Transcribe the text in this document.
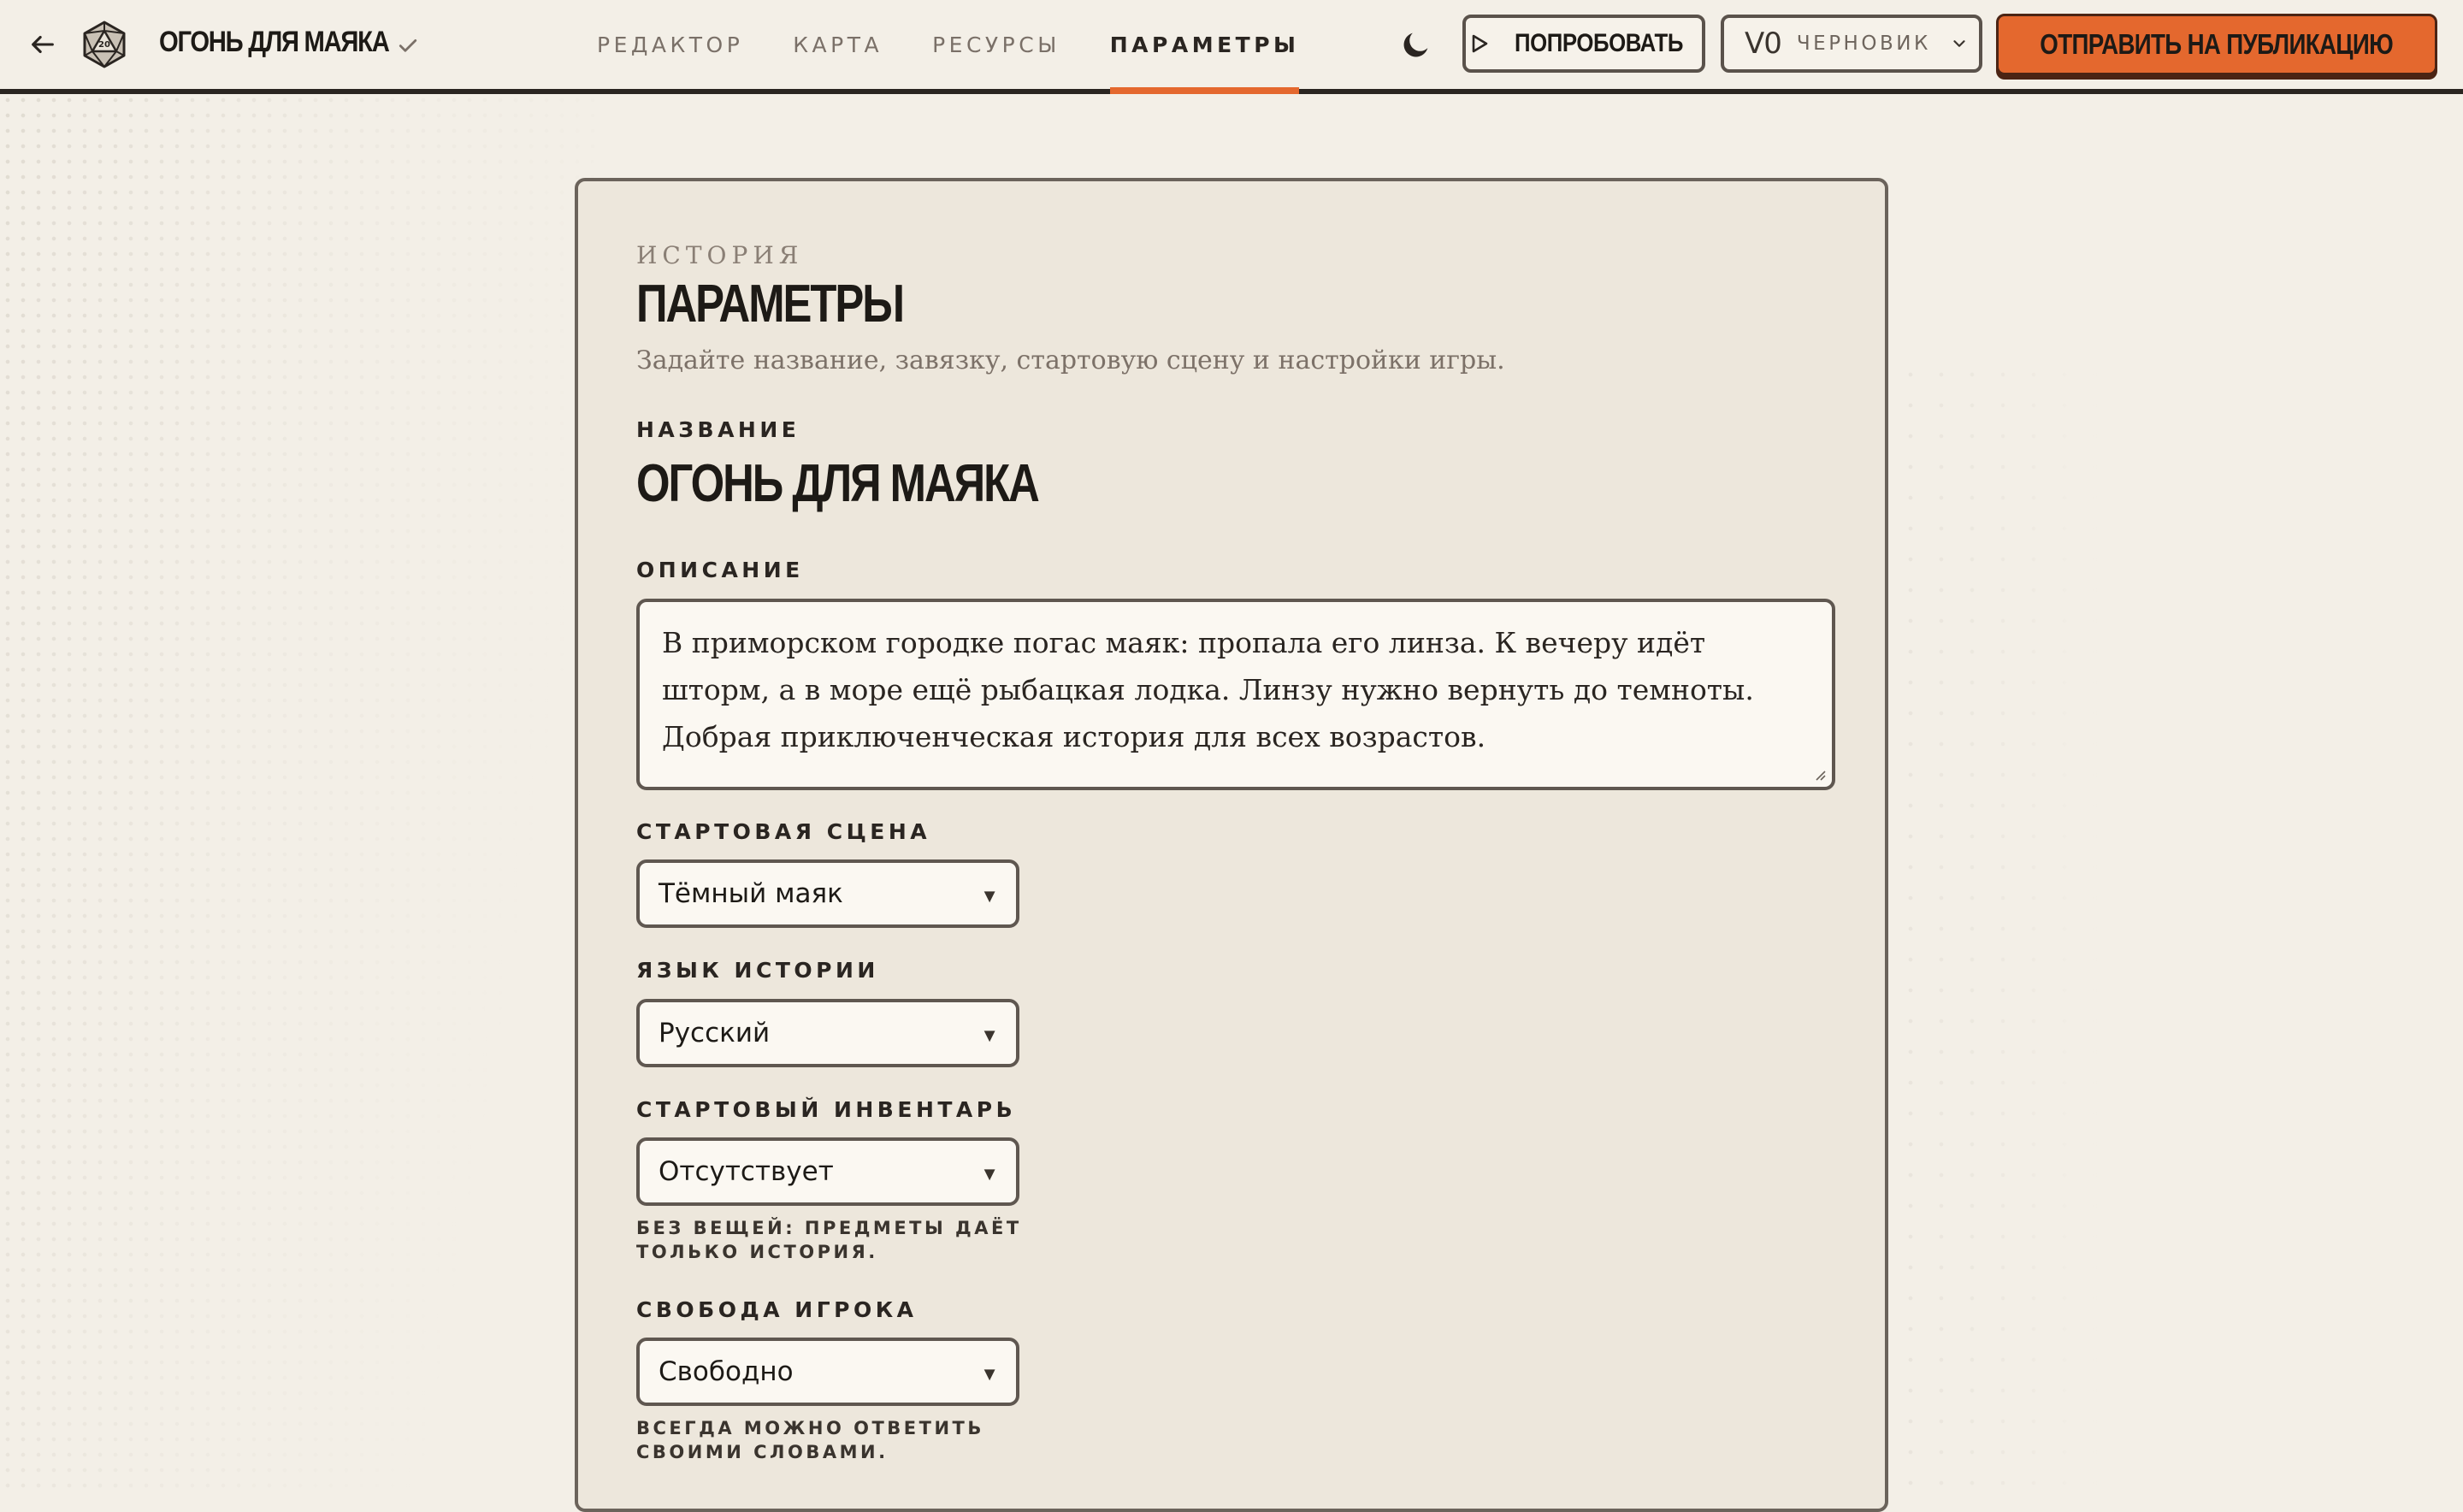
20 ОГОНЬ ДЛЯ МАЯКА	РЕДАКТОР КАРТА РЕСУРСЫ ПАРАМЕТРЫ	ПОПРОБОВАТЬ V0 ЧЕРНОВИК	ОТПРАВИТЬ НА ПУБЛИКАЦИЮ
ИСТОРИЯ
ПАРАМЕТРЫ
Задайте название, завязку, стартовую сцену и настройки игры.
НАЗВАНИЕ
ОГОНЬ ДЛЯ МАЯКА
ОПИСАНИЕ
В приморском городке погас маяк: пропала его линза. К вечеру идёт шторм, а в море ещё рыбацкая лодка. Линзу нужно вернуть до темноты. Добрая приключенческая история для всех возрастов.
СТАРТОВАЯ СЦЕНА
Тёмный маяк	▼
ЯЗЫК ИСТОРИИ
Русский	▼
СТАРТОВЫЙ ИНВЕНТАРЬ
Отсутствует	▼
БЕЗ ВЕЩЕЙ: ПРЕДМЕТЫ ДАЁТ ТОЛЬКО ИСТОРИЯ.
СВОБОДА ИГРОКА
Свободно	▼
ВСЕГДА МОЖНО ОТВЕТИТЬ СВОИМИ СЛОВАМИ.
